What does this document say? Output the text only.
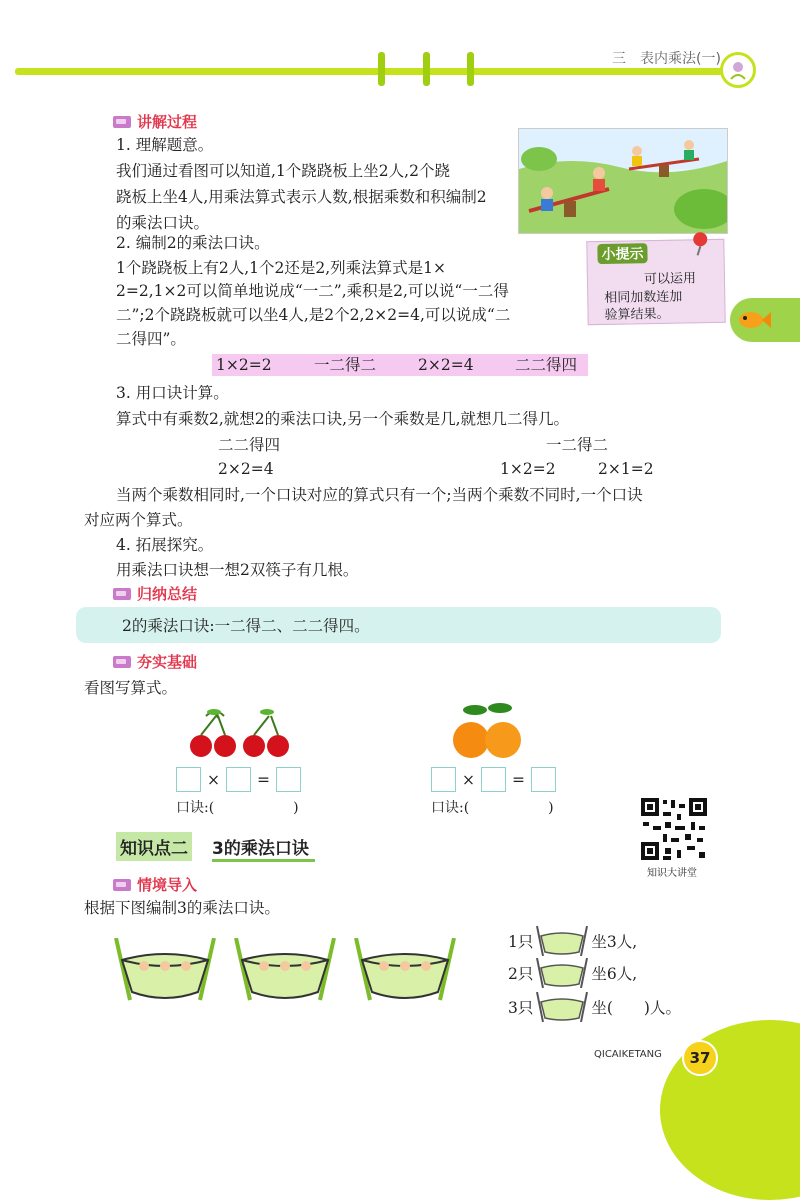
三　表内乘法(一)
讲解过程
1. 理解题意。
我们通过看图可以知道,1个跷跷板上坐2人,2个跷
跷板上坐4人,用乘法算式表示人数,根据乘数和积编制2
的乘法口诀。
2. 编制2的乘法口诀。
1个跷跷板上有2人,1个2还是2,列乘法算式是1×
2=2,1×2可以简单地说成“一二”,乘积是2,可以说“一二得
二”;2个跷跷板就可以坐4人,是2个2,2×2=4,可以说成“二
二得四”。
小提示
可以运用
相同加数连加
验算结果。
1×2=2	一二得二	2×2=4	二二得四
3. 用口诀计算。
算式中有乘数2,就想2的乘法口诀,另一个乘数是几,就想几二得几。
二二得四
2×2=4
一二得二
1×2=2	2×1=2
当两个乘数相同时,一个口诀对应的算式只有一个;当两个乘数不同时,一个口诀
对应两个算式。
4. 拓展探究。
用乘法口诀想一想2双筷子有几根。
归纳总结
2的乘法口诀:一二得二、二二得四。
夯实基础
看图写算式。
× =
口诀:(	)
× =
口诀:(	)
知识大讲堂
知识点二 3的乘法口诀
情境导入
根据下图编制3的乘法口诀。
1只	坐3人,
2只	坐6人,
3只	坐(　　)人。
QICAIKETANG	37
